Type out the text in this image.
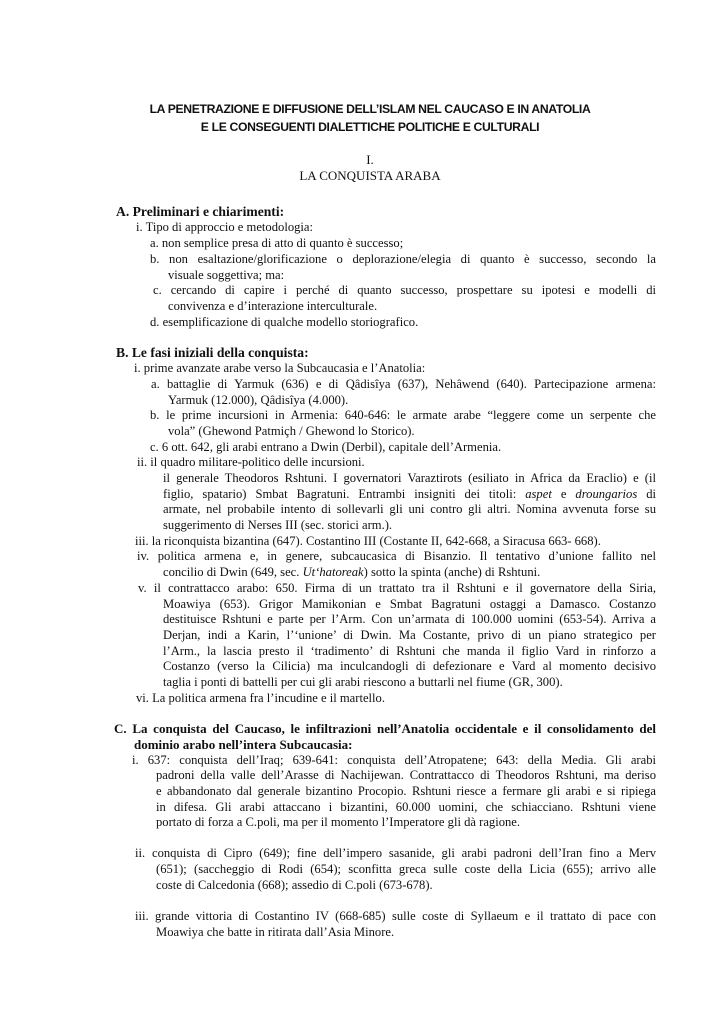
LA PENETRAZIONE E DIFFUSIONE DELL’ISLAM NEL CAUCASO E IN ANATOLIA
E LE CONSEGUENTI DIALETTICHE POLITICHE E CULTURALI
I.
LA CONQUISTA ARABA
A. Preliminari e chiarimenti:
i. Tipo di approccio e metodologia:
a. non semplice presa di atto di quanto è successo;
b. non esaltazione/glorificazione o deplorazione/elegia di quanto è successo, secondo la
visuale soggettiva; ma:
c. cercando di capire i perché di quanto successo, prospettare su ipotesi e modelli di
convivenza e d’interazione interculturale.
d. esemplificazione di qualche modello storiografico.
B. Le fasi iniziali della conquista:
i. prime avanzate arabe verso la Subcaucasia e l’Anatolia:
a. battaglie di Yarmuk (636) e di Qâdisîya (637), Nehâwend (640). Partecipazione armena:
Yarmuk (12.000), Qâdisîya (4.000).
b. le prime incursioni in Armenia: 640-646: le armate arabe “leggere come un serpente che
vola” (Ghewond Patmiçh / Ghewond lo Storico).
c. 6 ott. 642, gli arabi entrano a Dwin (Derbil), capitale dell’Armenia.
ii. il quadro militare-politico delle incursioni.
il generale Theodoros Rshtuni. I governatori Varaztirots (esiliato in Africa da Eraclio) e (il
figlio, spatario) Smbat Bagratuni. Entrambi insigniti dei titoli: aspet e droungarios di
armate, nel probabile intento di sollevarli gli uni contro gli altri. Nomina avvenuta forse su
suggerimento di Nerses III (sec. storici arm.).
iii. la riconquista bizantina (647). Costantino III (Costante II, 642-668, a Siracusa 663- 668).
iv. politica armena e, in genere, subcaucasica di Bisanzio. Il tentativo d’unione fallito nel
concilio di Dwin (649, sec. Ut‘hatoreak) sotto la spinta (anche) di Rshtuni.
v. il contrattacco arabo: 650. Firma di un trattato tra il Rshtuni e il governatore della Siria,
Moawiya (653). Grigor Mamikonian e Smbat Bagratuni ostaggi a Damasco. Costanzo
destituisce Rshtuni e parte per l’Arm. Con un’armata di 100.000 uomini (653-54). Arriva a
Derjan, indi a Karin, l’‘unione’ di Dwin. Ma Costante, privo di un piano strategico per
l’Arm., la lascia presto il ‘tradimento’ di Rshtuni che manda il figlio Vard in rinforzo a
Costanzo (verso la Cilicia) ma inculcandogli di defezionare e Vard al momento decisivo
taglia i ponti di battelli per cui gli arabi riescono a buttarli nel fiume (GR, 300).
vi. La politica armena fra l’incudine e il martello.
C. La conquista del Caucaso, le infiltrazioni nell’Anatolia occidentale e il consolidamento del
dominio arabo nell’intera Subcaucasia:
i. 637: conquista dell’Iraq; 639-641: conquista dell’Atropatene; 643: della Media. Gli arabi
padroni della valle dell’Arasse di Nachijewan. Contrattacco di Theodoros Rshtuni, ma deriso
e abbandonato dal generale bizantino Procopio. Rshtuni riesce a fermare gli arabi e si ripiega
in difesa. Gli arabi attaccano i bizantini, 60.000 uomini, che schiacciano. Rshtuni viene
portato di forza a C.poli, ma per il momento l’Imperatore gli dà ragione.
ii. conquista di Cipro (649); fine dell’impero sasanide, gli arabi padroni dell’Iran fino a Merv
(651); (saccheggio di Rodi (654); sconfitta greca sulle coste della Licia (655); arrivo alle
coste di Calcedonia (668); assedio di C.poli (673-678).
iii. grande vittoria di Costantino IV (668-685) sulle coste di Syllaeum e il trattato di pace con
Moawiya che batte in ritirata dall’Asia Minore.
